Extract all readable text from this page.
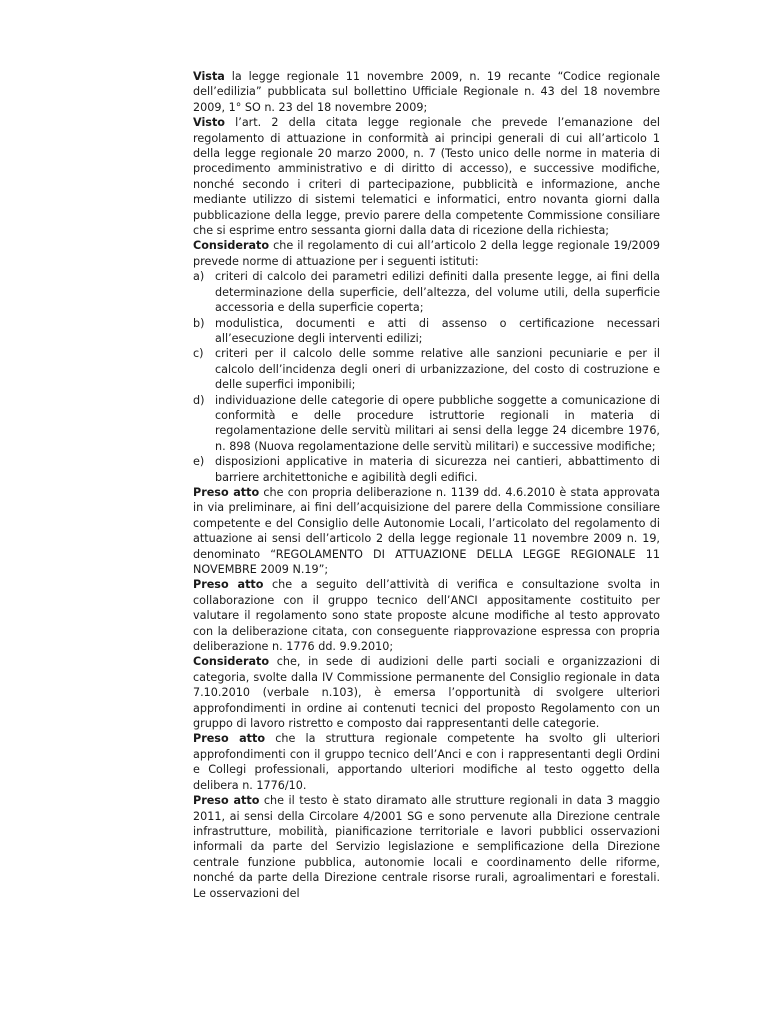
Vista la legge regionale 11 novembre 2009, n. 19 recante “Codice regionale dell’edilizia” pubblicata sul bollettino Ufficiale Regionale n. 43 del 18 novembre 2009, 1° SO n. 23 del 18 novembre 2009;

Visto l’art. 2 della citata legge regionale che prevede l’emanazione del regolamento di attuazione in conformità ai principi generali di cui all’articolo 1 della legge regionale 20 marzo 2000, n. 7 (Testo unico delle norme in materia di procedimento amministrativo e di diritto di accesso), e successive modifiche, nonché secondo i criteri di partecipazione, pubblicità e informazione, anche mediante utilizzo di sistemi telematici e informatici, entro novanta giorni dalla pubblicazione della legge, previo parere della competente Commissione consiliare che si esprime entro sessanta giorni dalla data di ricezione della richiesta;

Considerato che il regolamento di cui all’articolo 2 della legge regionale 19/2009 prevede norme di attuazione per i seguenti istituti:

a) criteri di calcolo dei parametri edilizi definiti dalla presente legge, ai fini della determinazione della superficie, dell’altezza, del volume utili, della superficie accessoria e della superficie coperta;
b) modulistica, documenti e atti di assenso o certificazione necessari all’esecuzione degli interventi edilizi;
c) criteri per il calcolo delle somme relative alle sanzioni pecuniarie e per il calcolo dell’incidenza degli oneri di urbanizzazione, del costo di costruzione e delle superfici imponibili;
d) individuazione delle categorie di opere pubbliche soggette a comunicazione di conformità e delle procedure istruttorie regionali in materia di regolamentazione delle servitù militari ai sensi della legge 24 dicembre 1976, n. 898 (Nuova regolamentazione delle servitù militari) e successive modifiche;
e) disposizioni applicative in materia di sicurezza nei cantieri, abbattimento di barriere architettoniche e agibilità degli edifici.

Preso atto che con propria deliberazione n. 1139 dd. 4.6.2010 è stata approvata in via preliminare, ai fini dell’acquisizione del parere della Commissione consiliare competente e del Consiglio delle Autonomie Locali, l’articolato del regolamento di attuazione ai sensi dell’articolo 2 della legge regionale 11 novembre 2009 n. 19, denominato “REGOLAMENTO DI ATTUAZIONE DELLA LEGGE REGIONALE 11 NOVEMBRE 2009 N.19”;

Preso atto che a seguito dell’attività di verifica e consultazione svolta in collaborazione con il gruppo tecnico dell’ANCI appositamente costituito per valutare il regolamento sono state proposte alcune modifiche al testo approvato con la deliberazione citata, con conseguente riapprovazione espressa con propria deliberazione n. 1776 dd. 9.9.2010;

Considerato che, in sede di audizioni delle parti sociali e organizzazioni di categoria, svolte dalla IV Commissione permanente del Consiglio regionale in data 7.10.2010 (verbale n.103), è emersa l’opportunità di svolgere ulteriori approfondimenti in ordine ai contenuti tecnici del proposto Regolamento con un gruppo di lavoro ristretto e composto dai rappresentanti delle categorie.

Preso atto che la struttura regionale competente ha svolto gli ulteriori approfondimenti con il gruppo tecnico dell’Anci e con i rappresentanti degli Ordini e Collegi professionali, apportando ulteriori modifiche al testo oggetto della delibera n. 1776/10.

Preso atto che il testo è stato diramato alle strutture regionali in data 3 maggio 2011, ai sensi della Circolare 4/2001 SG e sono pervenute alla Direzione centrale infrastrutture, mobilità, pianificazione territoriale e lavori pubblici osservazioni informali da parte del Servizio legislazione e semplificazione della Direzione centrale funzione pubblica, autonomie locali e coordinamento delle riforme, nonché da parte della Direzione centrale risorse rurali, agroalimentari e forestali. Le osservazioni del
